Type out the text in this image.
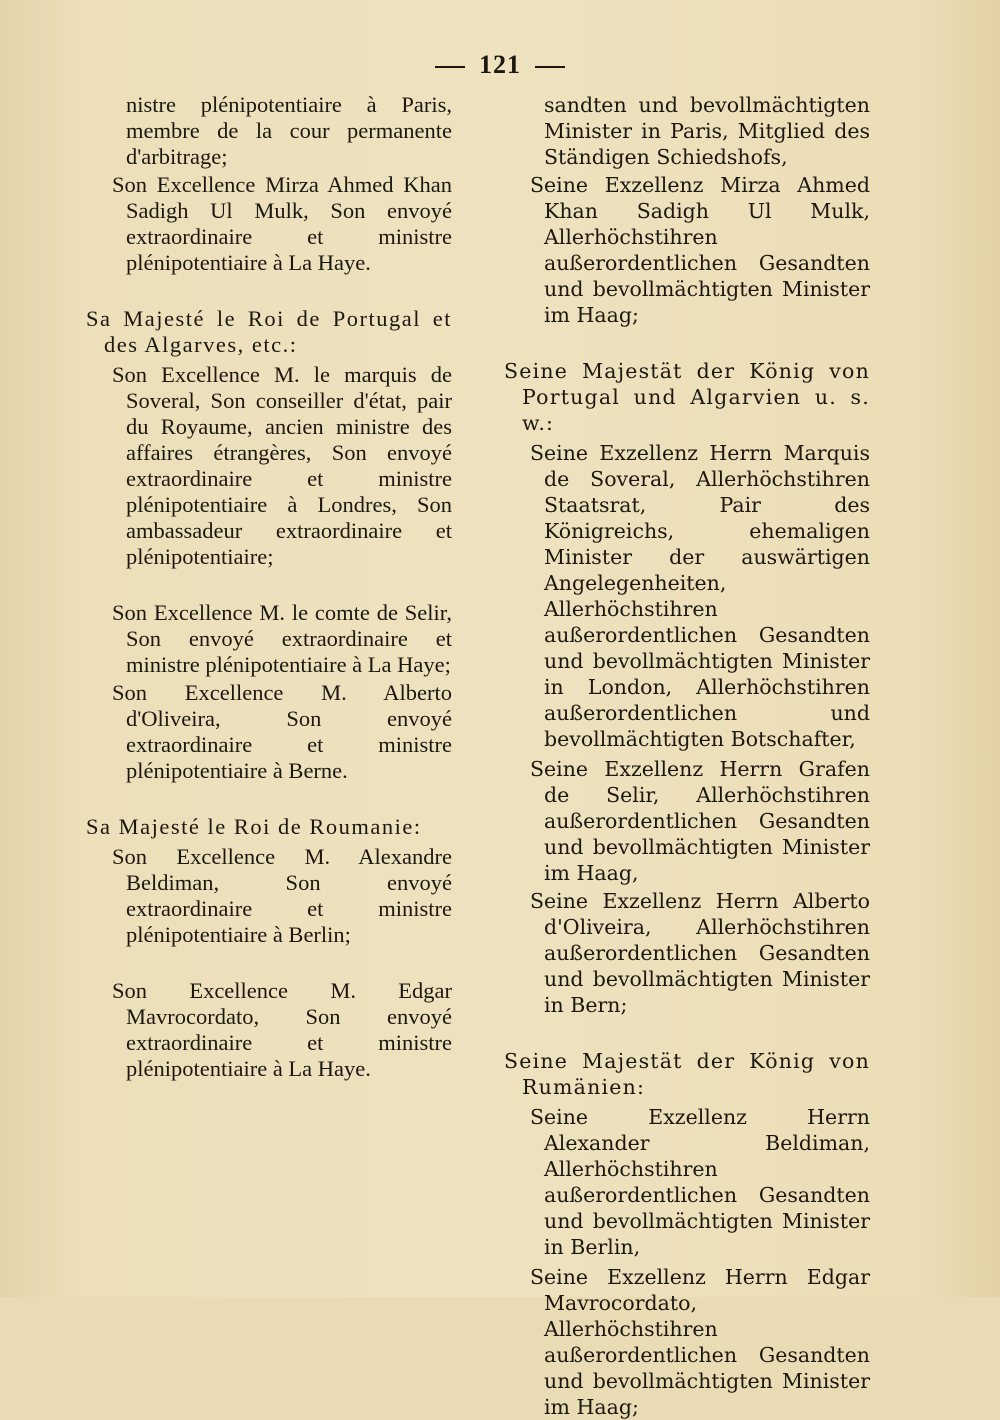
121

nistre plénipotentiaire à Paris, membre de la cour permanente d'arbitrage;

Son Excellence Mirza Ahmed Khan Sadigh Ul Mulk, Son envoyé extraordinaire et ministre plénipotentiaire à La Haye.

Sa Majesté le Roi de Portugal et des Algarves, etc.:

Son Excellence M. le marquis de Soveral, Son conseiller d'état, pair du Royaume, ancien ministre des affaires étrangères, Son envoyé extraordinaire et ministre plénipotentiaire à Londres, Son ambassadeur extraordinaire et plénipotentiaire;

Son Excellence M. le comte de Selir, Son envoyé extraordinaire et ministre plénipotentiaire à La Haye;

Son Excellence M. Alberto d'Oliveira, Son envoyé extraordinaire et ministre plénipotentiaire à Berne.

Sa Majesté le Roi de Roumanie:

Son Excellence M. Alexandre Beldiman, Son envoyé extraordinaire et ministre plénipotentiaire à Berlin;

Son Excellence M. Edgar Mavrocordato, Son envoyé extraordinaire et ministre plénipotentiaire à La Haye.

sandten und bevollmächtigten Minister in Paris, Mitglied des Ständigen Schiedshofs,

Seine Exzellenz Mirza Ahmed Khan Sadigh Ul Mulk, Allerhöchstihren außerordentlichen Gesandten und bevollmächtigten Minister im Haag;

Seine Majestät der König von Portugal und Algarvien u. s. w.:

Seine Exzellenz Herrn Marquis de Soveral, Allerhöchstihren Staatsrat, Pair des Königreichs, ehemaligen Minister der auswärtigen Angelegenheiten, Allerhöchstihren außerordentlichen Gesandten und bevollmächtigten Minister in London, Allerhöchstihren außerordentlichen und bevollmächtigten Botschafter,

Seine Exzellenz Herrn Grafen de Selir, Allerhöchstihren außerordentlichen Gesandten und bevollmächtigten Minister im Haag,

Seine Exzellenz Herrn Alberto d'Oliveira, Allerhöchstihren außerordentlichen Gesandten und bevollmächtigten Minister in Bern;

Seine Majestät der König von Rumänien:

Seine Exzellenz Herrn Alexander Beldiman, Allerhöchstihren außerordentlichen Gesandten und bevollmächtigten Minister in Berlin,

Seine Exzellenz Herrn Edgar Mavrocordato, Allerhöchstihren außerordentlichen Gesandten und bevollmächtigten Minister im Haag;
